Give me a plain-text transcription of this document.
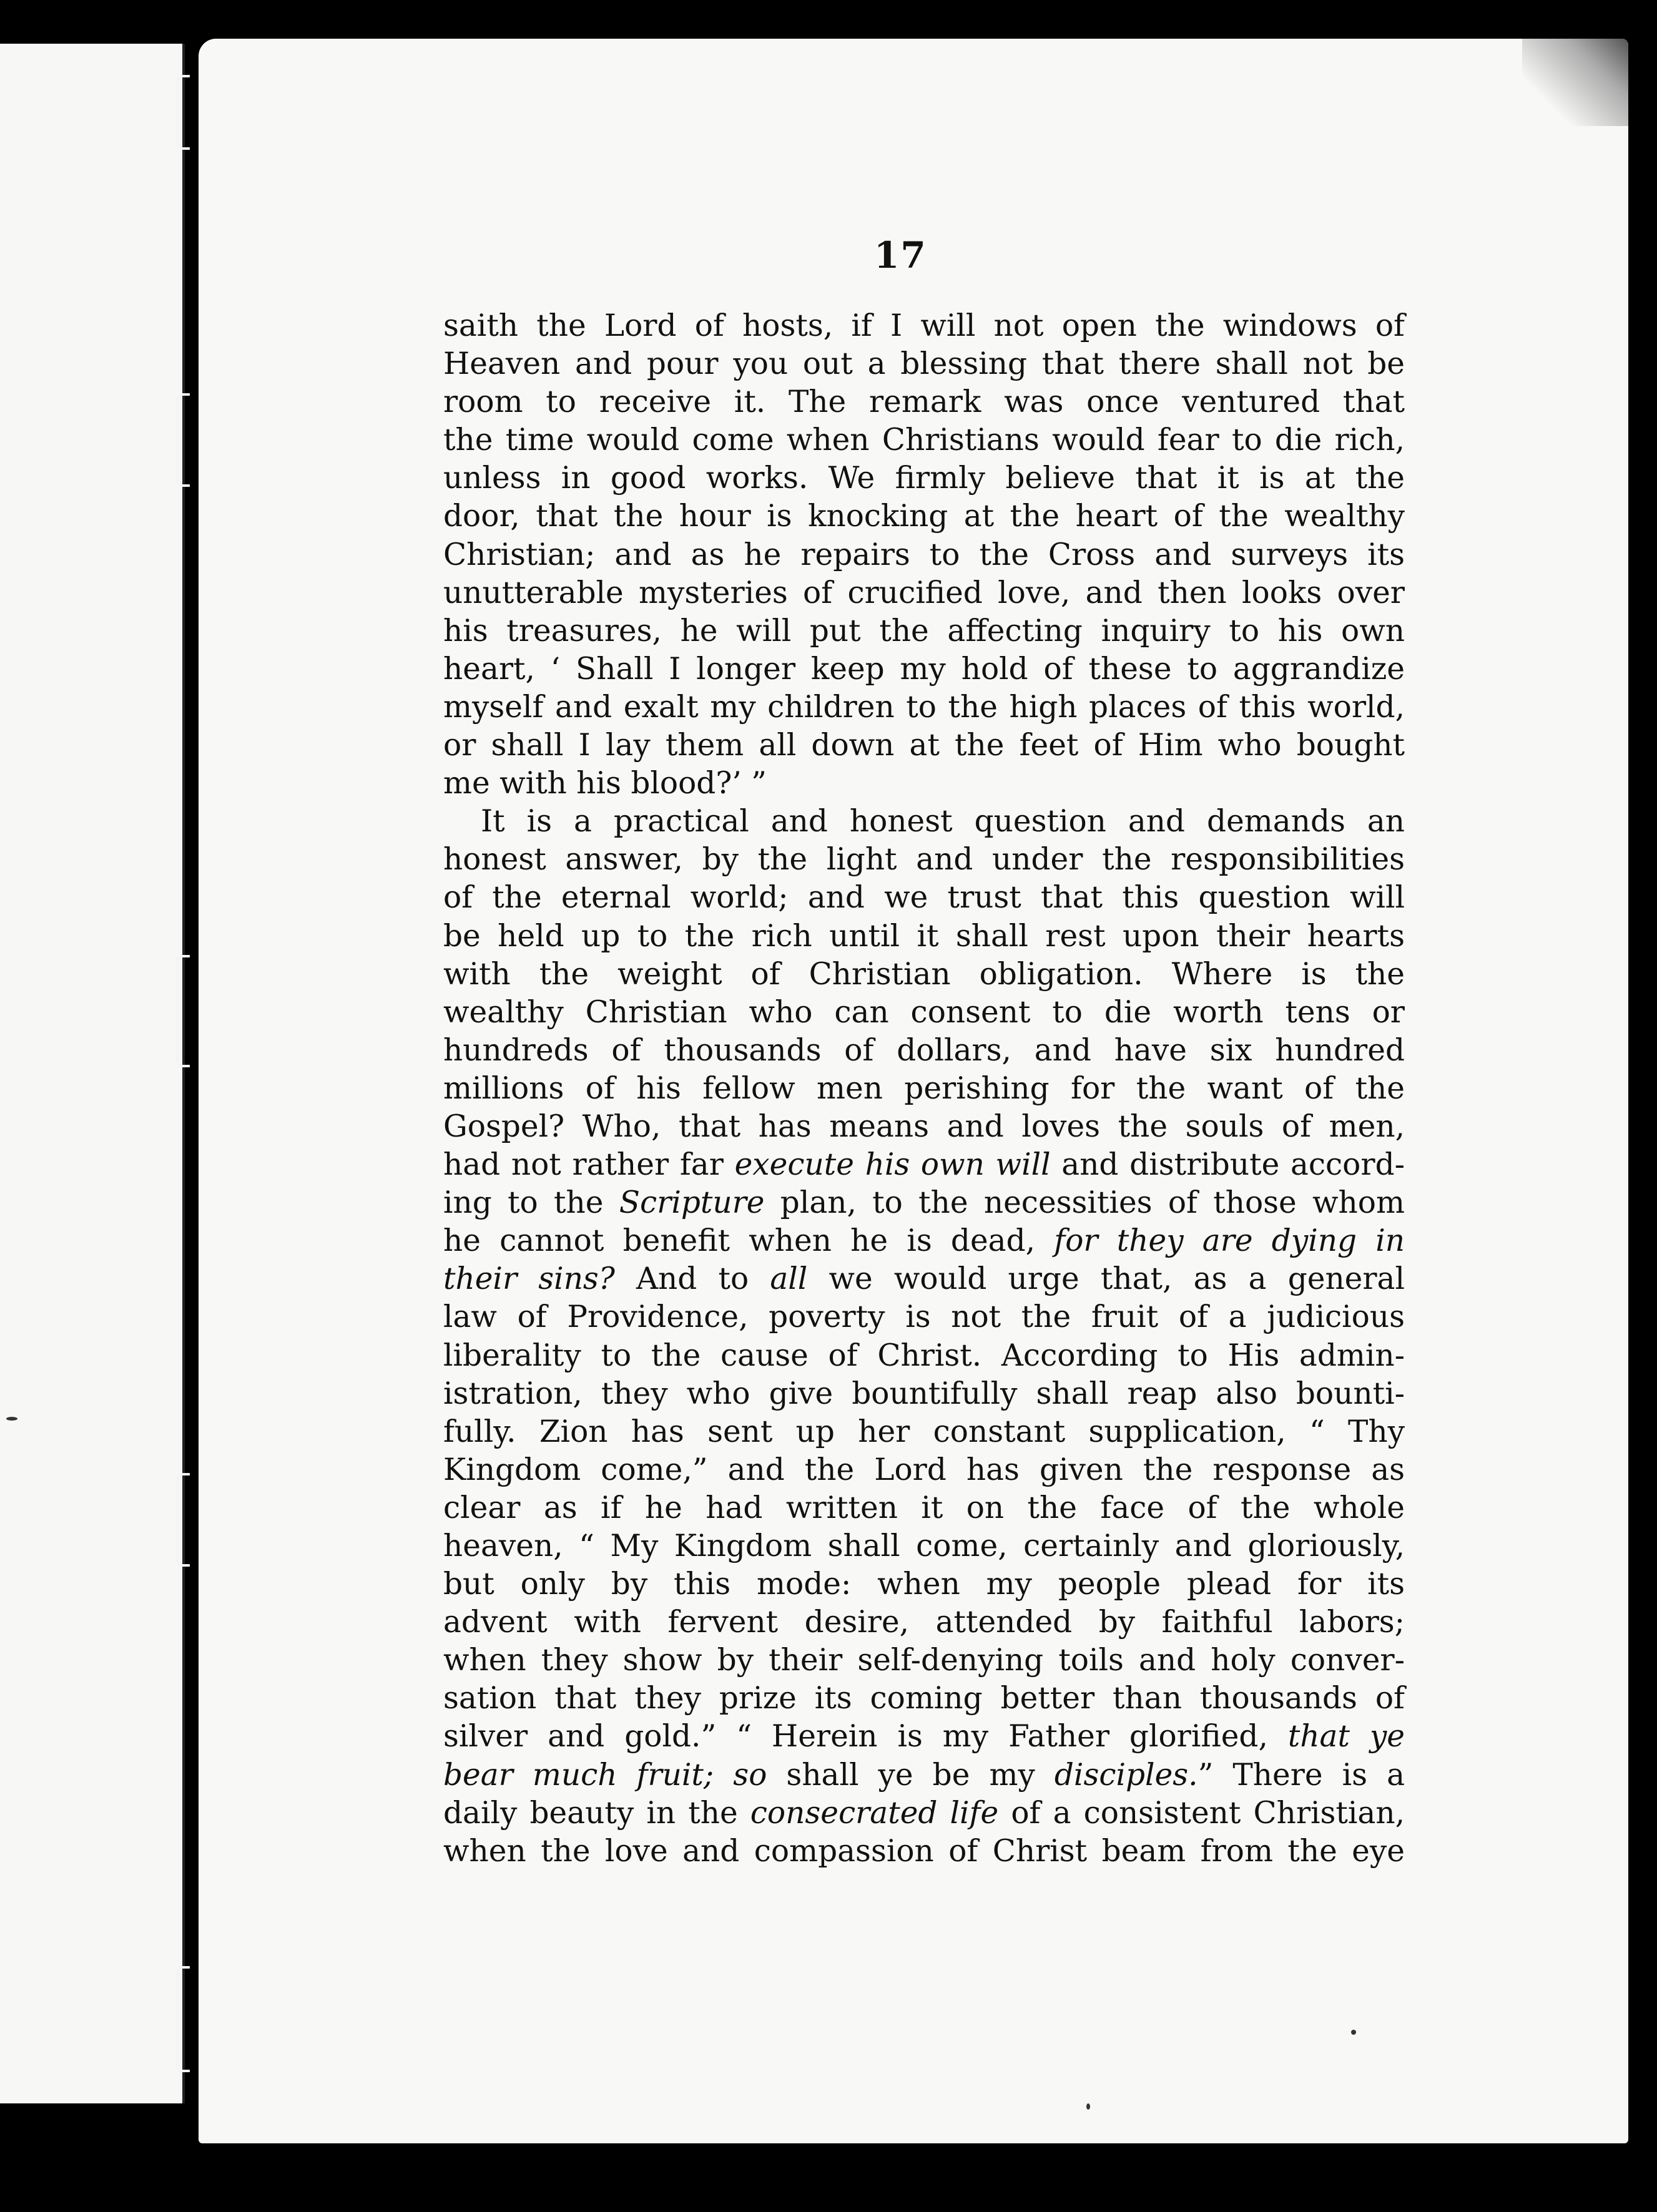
17
saith the Lord of hosts, if I will not open the windows of
Heaven and pour you out a blessing that there shall not be
room to receive it. The remark was once ventured that
the time would come when Christians would fear to die rich,
unless in good works. We firmly believe that it is at the
door, that the hour is knocking at the heart of the wealthy
Christian; and as he repairs to the Cross and surveys its
unutterable mysteries of crucified love, and then looks over
his treasures, he will put the affecting inquiry to his own
heart, ‘ Shall I longer keep my hold of these to aggrandize
myself and exalt my children to the high places of this world,
or shall I lay them all down at the feet of Him who bought
me with his blood?’ ”
It is a practical and honest question and demands an
honest answer, by the light and under the responsibilities
of the eternal world; and we trust that this question will
be held up to the rich until it shall rest upon their hearts
with the weight of Christian obligation. Where is the
wealthy Christian who can consent to die worth tens or
hundreds of thousands of dollars, and have six hundred
millions of his fellow men perishing for the want of the
Gospel? Who, that has means and loves the souls of men,
had not rather far execute his own will and distribute accord-
ing to the Scripture plan, to the necessities of those whom
he cannot benefit when he is dead, for they are dying in
their sins? And to all we would urge that, as a general
law of Providence, poverty is not the fruit of a judicious
liberality to the cause of Christ. According to His admin-
istration, they who give bountifully shall reap also bounti-
fully. Zion has sent up her constant supplication, “ Thy
Kingdom come,” and the Lord has given the response as
clear as if he had written it on the face of the whole
heaven, “ My Kingdom shall come, certainly and gloriously,
but only by this mode: when my people plead for its
advent with fervent desire, attended by faithful labors;
when they show by their self-denying toils and holy conver-
sation that they prize its coming better than thousands of
silver and gold.” “ Herein is my Father glorified, that ye
bear much fruit; so shall ye be my disciples.” There is a
daily beauty in the consecrated life of a consistent Christian,
when the love and compassion of Christ beam from the eye
